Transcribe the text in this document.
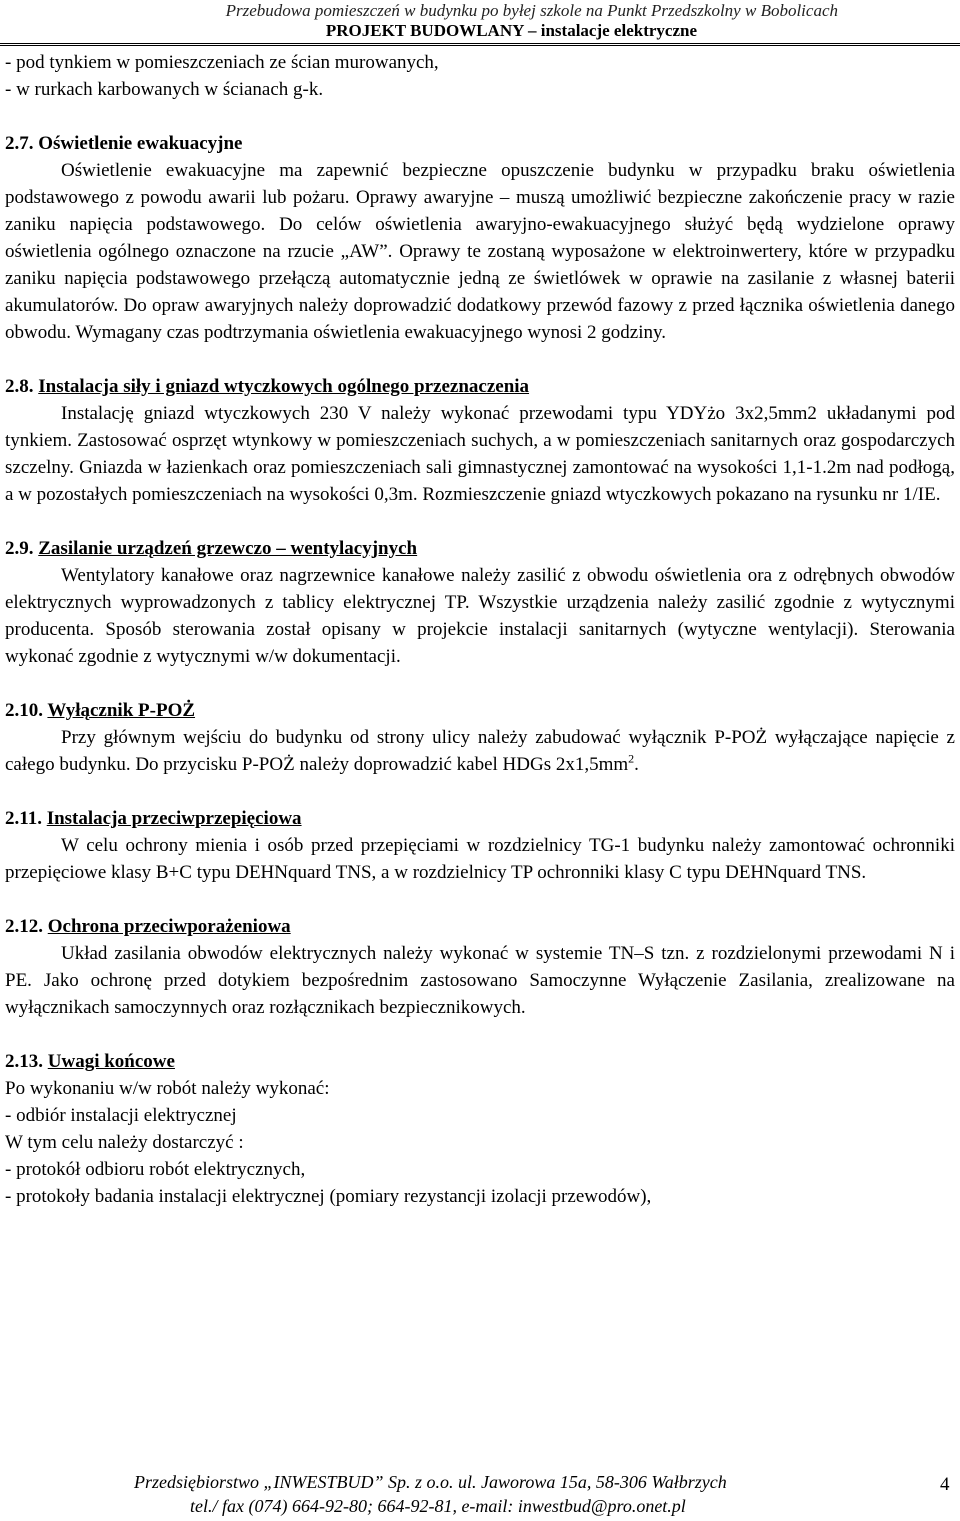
Przebudowa pomieszczeń w budynku po byłej szkole na Punkt Przedszkolny w Bobolicach
PROJEKT BUDOWLANY – instalacje elektryczne

- pod tynkiem w pomieszczeniach ze ścian murowanych,

- w rurkach karbowanych w ścianach g-k.

2.7. Oświetlenie ewakuacyjne

Oświetlenie ewakuacyjne ma zapewnić bezpieczne opuszczenie budynku w przypadku braku oświetlenia podstawowego z powodu awarii lub pożaru. Oprawy awaryjne – muszą umożliwić bezpieczne zakończenie pracy w razie zaniku napięcia podstawowego. Do celów oświetlenia awaryjno-ewakuacyjnego służyć będą wydzielone oprawy oświetlenia ogólnego oznaczone na rzucie „AW”. Oprawy te zostaną wyposażone w elektroinwertery, które w przypadku zaniku napięcia podstawowego przełączą automatycznie jedną ze świetlówek w oprawie na zasilanie z własnej baterii akumulatorów. Do opraw awaryjnych należy doprowadzić dodatkowy przewód fazowy z przed łącznika oświetlenia danego obwodu. Wymagany czas podtrzymania oświetlenia ewakuacyjnego wynosi 2 godziny.

2.8. Instalacja siły i gniazd wtyczkowych ogólnego przeznaczenia

Instalację gniazd wtyczkowych 230 V należy wykonać przewodami typu YDYżo 3x2,5mm2 układanymi pod tynkiem. Zastosować osprzęt wtynkowy w pomieszczeniach suchych, a w pomieszczeniach sanitarnych oraz gospodarczych szczelny. Gniazda w łazienkach oraz pomieszczeniach sali gimnastycznej zamontować na wysokości 1,1-1.2m nad podłogą, a w pozostałych pomieszczeniach na wysokości 0,3m. Rozmieszczenie gniazd wtyczkowych pokazano na rysunku nr 1/IE.

2.9. Zasilanie urządzeń grzewczo – wentylacyjnych

Wentylatory kanałowe oraz nagrzewnice kanałowe należy zasilić z obwodu oświetlenia ora z odrębnych obwodów elektrycznych wyprowadzonych z tablicy elektrycznej TP. Wszystkie urządzenia należy zasilić zgodnie z wytycznymi producenta. Sposób sterowania został opisany w projekcie instalacji sanitarnych (wytyczne wentylacji). Sterowania wykonać zgodnie z wytycznymi w/w dokumentacji.

2.10. Wyłącznik P-POŻ

Przy głównym wejściu do budynku od strony ulicy należy zabudować wyłącznik P-POŻ wyłączające napięcie z całego budynku. Do przycisku P-POŻ należy doprowadzić kabel HDGs $2x1,5mm^2$.

2.11. Instalacja przeciwprzepięciowa

W celu ochrony mienia i osób przed przepięciami w rozdzielnicy TG-1 budynku należy zamontować ochronniki przepięciowe klasy B+C typu DEHNquard TNS, a w rozdzielnicy TP ochronniki klasy C typu DEHNquard TNS.

2.12. Ochrona przeciwporażeniowa

Układ zasilania obwodów elektrycznych należy wykonać w systemie TN–S tzn. z rozdzielonymi przewodami N i PE. Jako ochronę przed dotykiem bezpośrednim zastosowano Samoczynne Wyłączenie Zasilania, zrealizowane na wyłącznikach samoczynnych oraz rozłącznikach bezpiecznikowych.

2.13. Uwagi końcowe

Po wykonaniu w/w robót należy wykonać:

- odbiór instalacji elektrycznej

W tym celu należy dostarczyć :

- protokół odbioru robót elektrycznych,

- protokoły badania instalacji elektrycznej (pomiary rezystancji izolacji przewodów),

Przedsiębiorstwo „INWESTBUD” Sp. z o.o. ul. Jaworowa 15a, 58-306 Wałbrzych
tel./ fax (074) 664-92-80; 664-92-81, e-mail: inwestbud@pro.onet.pl
4
